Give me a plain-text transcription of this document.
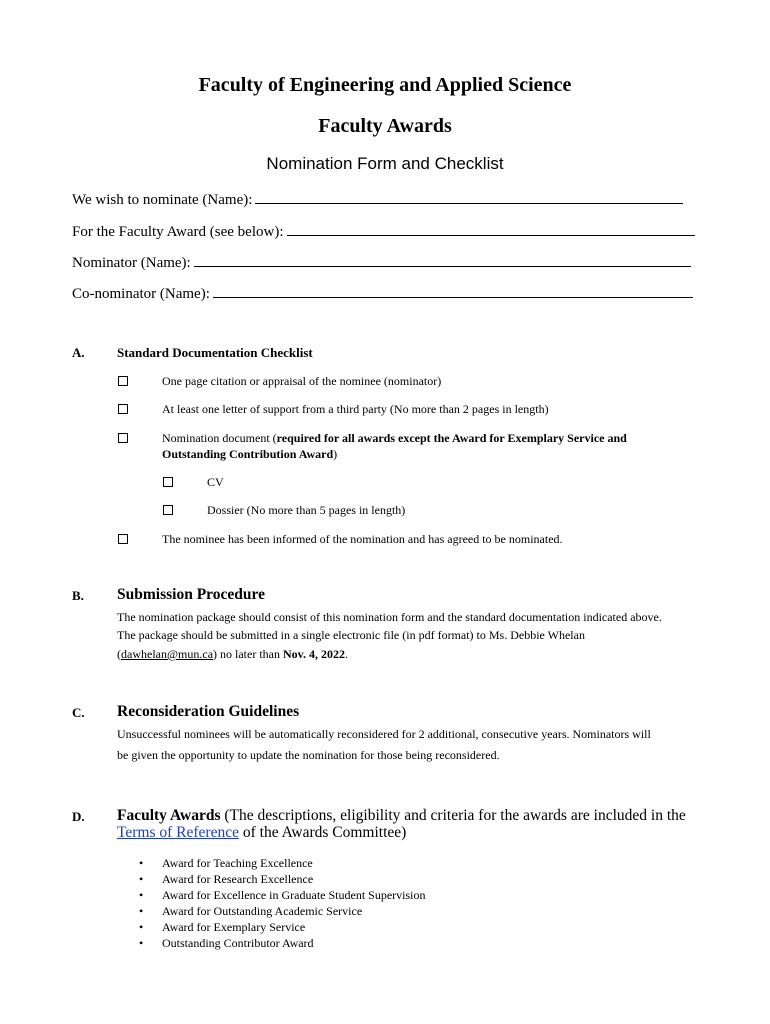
Faculty of Engineering and Applied Science
Faculty Awards
Nomination Form and Checklist
We wish to nominate (Name):
For the Faculty Award (see below):
Nominator (Name):
Co-nominator (Name):
A. Standard Documentation Checklist
One page citation or appraisal of the nominee (nominator)
At least one letter of support from a third party (No more than 2 pages in length)
Nomination document (required for all awards except the Award for Exemplary Service and
Outstanding Contribution Award)
CV
Dossier (No more than 5 pages in length)
The nominee has been informed of the nomination and has agreed to be nominated.
B. Submission Procedure
The nomination package should consist of this nomination form and the standard documentation indicated above.
The package should be submitted in a single electronic file (in pdf format) to Ms. Debbie Whelan
(dawhelan@mun.ca) no later than Nov. 4, 2022.
C. Reconsideration Guidelines
Unsuccessful nominees will be automatically reconsidered for 2 additional, consecutive years. Nominators will
be given the opportunity to update the nomination for those being reconsidered.
D. Faculty Awards (The descriptions, eligibility and criteria for the awards are included in the
Terms of Reference of the Awards Committee)
• Award for Teaching Excellence
• Award for Research Excellence
• Award for Excellence in Graduate Student Supervision
• Award for Outstanding Academic Service
• Award for Exemplary Service
• Outstanding Contributor Award
